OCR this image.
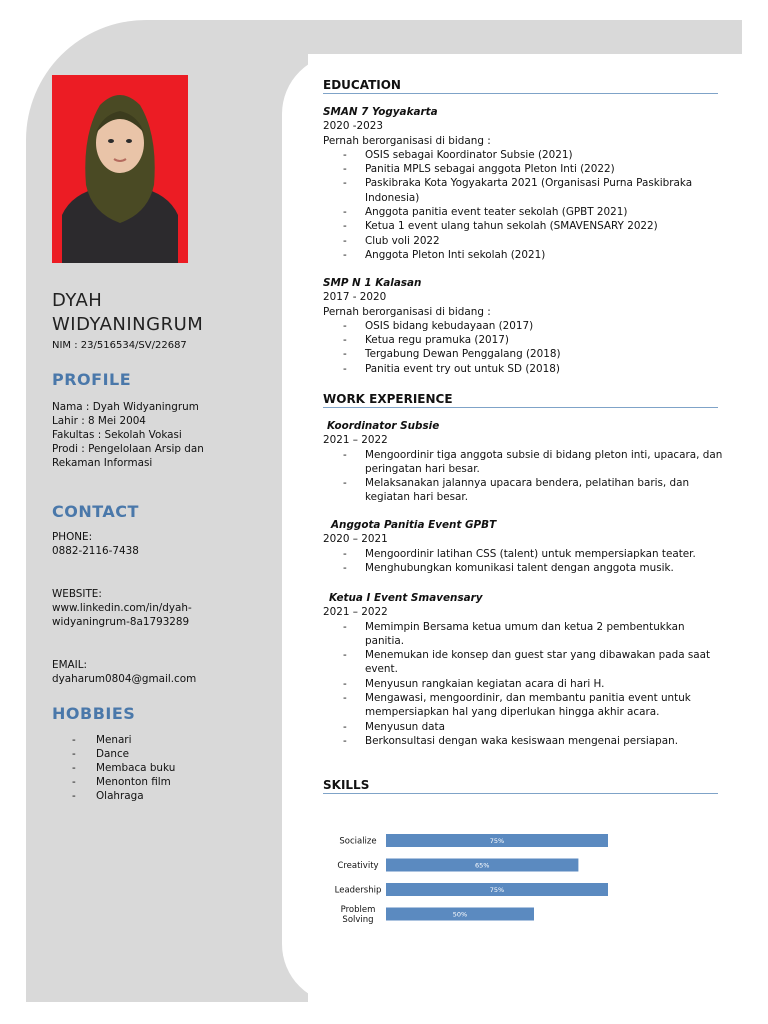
DYAH
WIDYANINGRUM
NIM : 23/516534/SV/22687
PROFILE
Nama : Dyah Widyaningrum
Lahir : 8 Mei 2004
Fakultas : Sekolah Vokasi
Prodi : Pengelolaan Arsip dan
Rekaman Informasi
CONTACT
PHONE:
0882-2116-7438
WEBSITE:
www.linkedin.com/in/dyah-
widyaningrum-8a1793289
EMAIL:
dyaharum0804@gmail.com
HOBBIES
-	Menari
-	Dance
-	Membaca buku
-	Menonton film
-	Olahraga
EDUCATION
SMAN 7 Yogyakarta
2020 -2023
Pernah berorganisasi di bidang :
-	OSIS sebagai Koordinator Subsie (2021)
-	Panitia MPLS sebagai anggota Pleton Inti (2022)
-	Paskibraka Kota Yogyakarta 2021 (Organisasi Purna Paskibraka Indonesia)
-	Anggota panitia event teater sekolah (GPBT 2021)
-	Ketua 1 event ulang tahun sekolah (SMAVENSARY 2022)
-	Club voli 2022
-	Anggota Pleton Inti sekolah (2021)
SMP N 1 Kalasan
2017 - 2020
Pernah berorganisasi di bidang :
-	OSIS bidang kebudayaan (2017)
-	Ketua regu pramuka (2017)
-	Tergabung Dewan Penggalang (2018)
-	Panitia event try out untuk SD (2018)
WORK EXPERIENCE
Koordinator Subsie
2021 – 2022
-	Mengoordinir tiga anggota subsie di bidang pleton inti, upacara, dan peringatan hari besar.
-	Melaksanakan jalannya upacara bendera, pelatihan baris, dan kegiatan hari besar.
Anggota Panitia Event GPBT
2020 – 2021
-	Mengoordinir latihan CSS (talent) untuk mempersiapkan teater.
-	Menghubungkan komunikasi talent dengan anggota musik.
Ketua I Event Smavensary
2021 – 2022
-	Memimpin Bersama ketua umum dan ketua 2 pembentukkan panitia.
-	Menemukan ide konsep dan guest star yang dibawakan pada saat event.
-	Menyusun rangkaian kegiatan acara di hari H.
-	Mengawasi, mengoordinir, dan membantu panitia event untuk mempersiapkan hal yang diperlukan hingga akhir acara.
-	Menyusun data
-	Berkonsultasi dengan waka kesiswaan mengenai persiapan.
SKILLS
Socialize	75%
Creativity	65%
Leadership	75%
Problem Solving
50%
